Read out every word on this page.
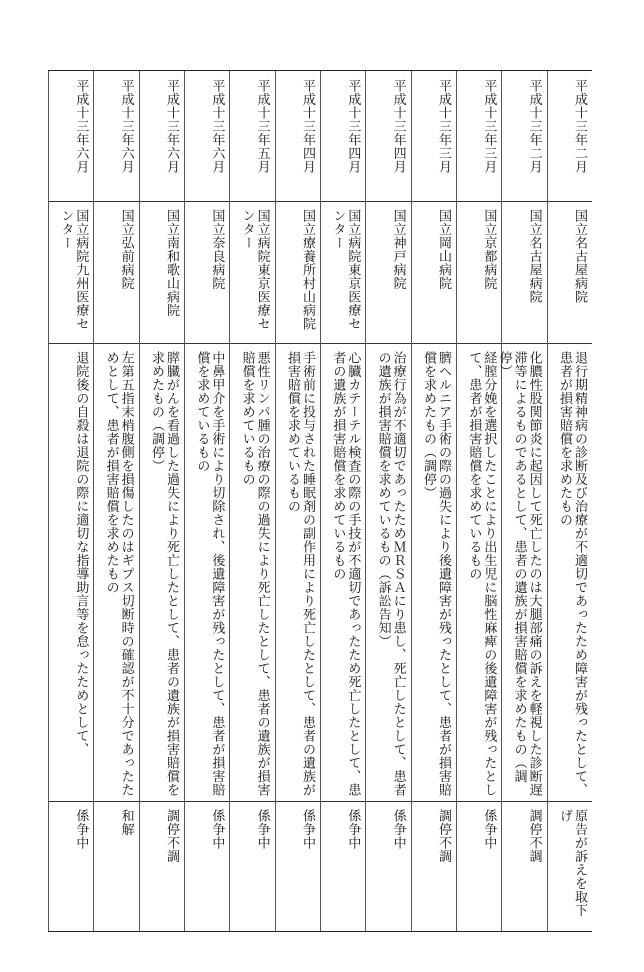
平成十三年二月
国立名古屋病院
退行期精神病の診断及び治療が不適切であったため障害が残ったとして、患者が損害賠償を求めたもの
原告が訴えを取下げ
平成十三年二月
国立名古屋病院
化膿性股関節炎に起因して死亡したのは大腿部痛の訴えを軽視した診断遅滞等によるものであるとして、患者の遺族が損害賠償を求めたもの（調停）
調停不調
平成十三年三月
国立京都病院
経膣分娩を選択したことにより出生児に脳性麻痺の後遺障害が残ったとして、患者が損害賠償を求めているもの
係争中
平成十三年三月
国立岡山病院
臍ヘルニア手術の際の過失により後遺障害が残ったとして、患者が損害賠償を求めたもの（調停）
調停不調
平成十三年四月
国立神戸病院
治療行為が不適切であったためＭＲＳＡにり患し、死亡したとして、患者の遺族が損害賠償を求めているもの（訴訟告知）
係争中
平成十三年四月
国立病院東京医療センター
心臓カテーテル検査の際の手技が不適切であったため死亡したとして、患者の遺族が損害賠償を求めているもの
係争中
平成十三年四月
国立療養所村山病院
手術前に投与された睡眠剤の副作用により死亡したとして、患者の遺族が損害賠償を求めているもの
係争中
平成十三年五月
国立病院東京医療センター
悪性リンパ腫の治療の際の過失により死亡したとして、患者の遺族が損害賠償を求めているもの
係争中
平成十三年六月
国立奈良病院
中鼻甲介を手術により切除され、後遺障害が残ったとして、患者が損害賠償を求めているもの
係争中
平成十三年六月
国立南和歌山病院
膵臓がんを看過した過失により死亡したとして、患者の遺族が損害賠償を求めたもの（調停）
調停不調
平成十三年六月
国立弘前病院
左第五指末梢腹側を損傷したのはギプス切断時の確認が不十分であったためとして、患者が損害賠償を求めたもの
和解
平成十三年六月
国立病院九州医療センター
退院後の自殺は退院の際に適切な指導助言等を怠ったためとして、
係争中
